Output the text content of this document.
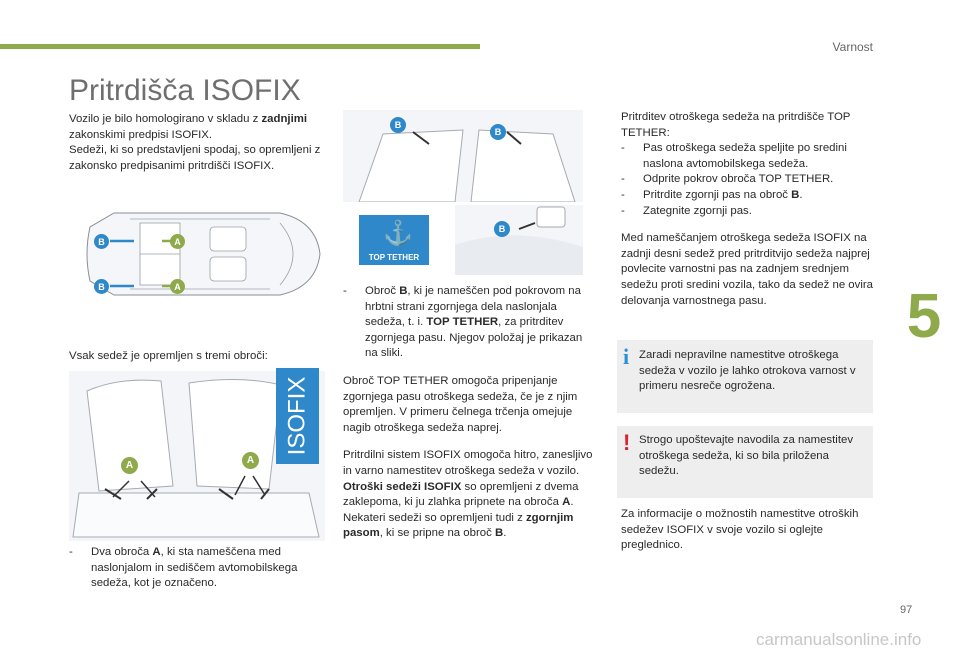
Varnost
5
Pritrdišča ISOFIX

Vozilo je bilo homologirano v skladu z zadnjimi zakonskimi predpisi ISOFIX.

Sedeži, ki so predstavljeni spodaj, so opremljeni z zakonsko predpisanimi pritrdišči ISOFIX.

B	A
B	A
Vsak sedež je opremljen s tremi obroči:
A	A
ISOFIX
-	Dva obroča A, ki sta nameščena med naslonjalom in sediščem avtomobilskega sedeža, kot je označeno.
B
B
B
⚓
TOP TETHER
-	Obroč B, ki je nameščen pod pokrovom na hrbtni strani zgornjega dela naslonjala sedeža, t. i. TOP TETHER, za pritrditev zgornjega pasu. Njegov položaj je prikazan na sliki.

Obroč TOP TETHER omogoča pripenjanje zgornjega pasu otroškega sedeža, če je z njim opremljen. V primeru čelnega trčenja omejuje nagib otroškega sedeža naprej.

Pritrdilni sistem ISOFIX omogoča hitro, zanesljivo in varno namestitev otroškega sedeža v vozilo.
Otroški sedeži ISOFIX so opremljeni z dvema zaklepoma, ki ju zlahka pripnete na obroča A.
Nekateri sedeži so opremljeni tudi z zgornjim pasom, ki se pripne na obroč B.

Pritrditev otroškega sedeža na pritrdišče TOP TETHER:

-	Pas otroškega sedeža speljite po sredini naslona avtomobilskega sedeža.
-	Odprite pokrov obroča TOP TETHER.
-	Pritrdite zgornji pas na obroč B.
-	Zategnite zgornji pas.

Med nameščanjem otroškega sedeža ISOFIX na zadnji desni sedež pred pritrditvijo sedeža najprej povlecite varnostni pas na zadnjem srednjem sedežu proti sredini vozila, tako da sedež ne ovira delovanja varnostnega pasu.

i Zaradi nepravilne namestitve otroškega sedeža v vozilo je lahko otrokova varnost v primeru nesreče ogrožena.

! Strogo upoštevajte navodila za namestitev otroškega sedeža, ki so bila priložena sedežu.

Za informacije o možnostih namestitve otroških sedežev ISOFIX v svoje vozilo si oglejte preglednico.
97
carmanualsonline.info
